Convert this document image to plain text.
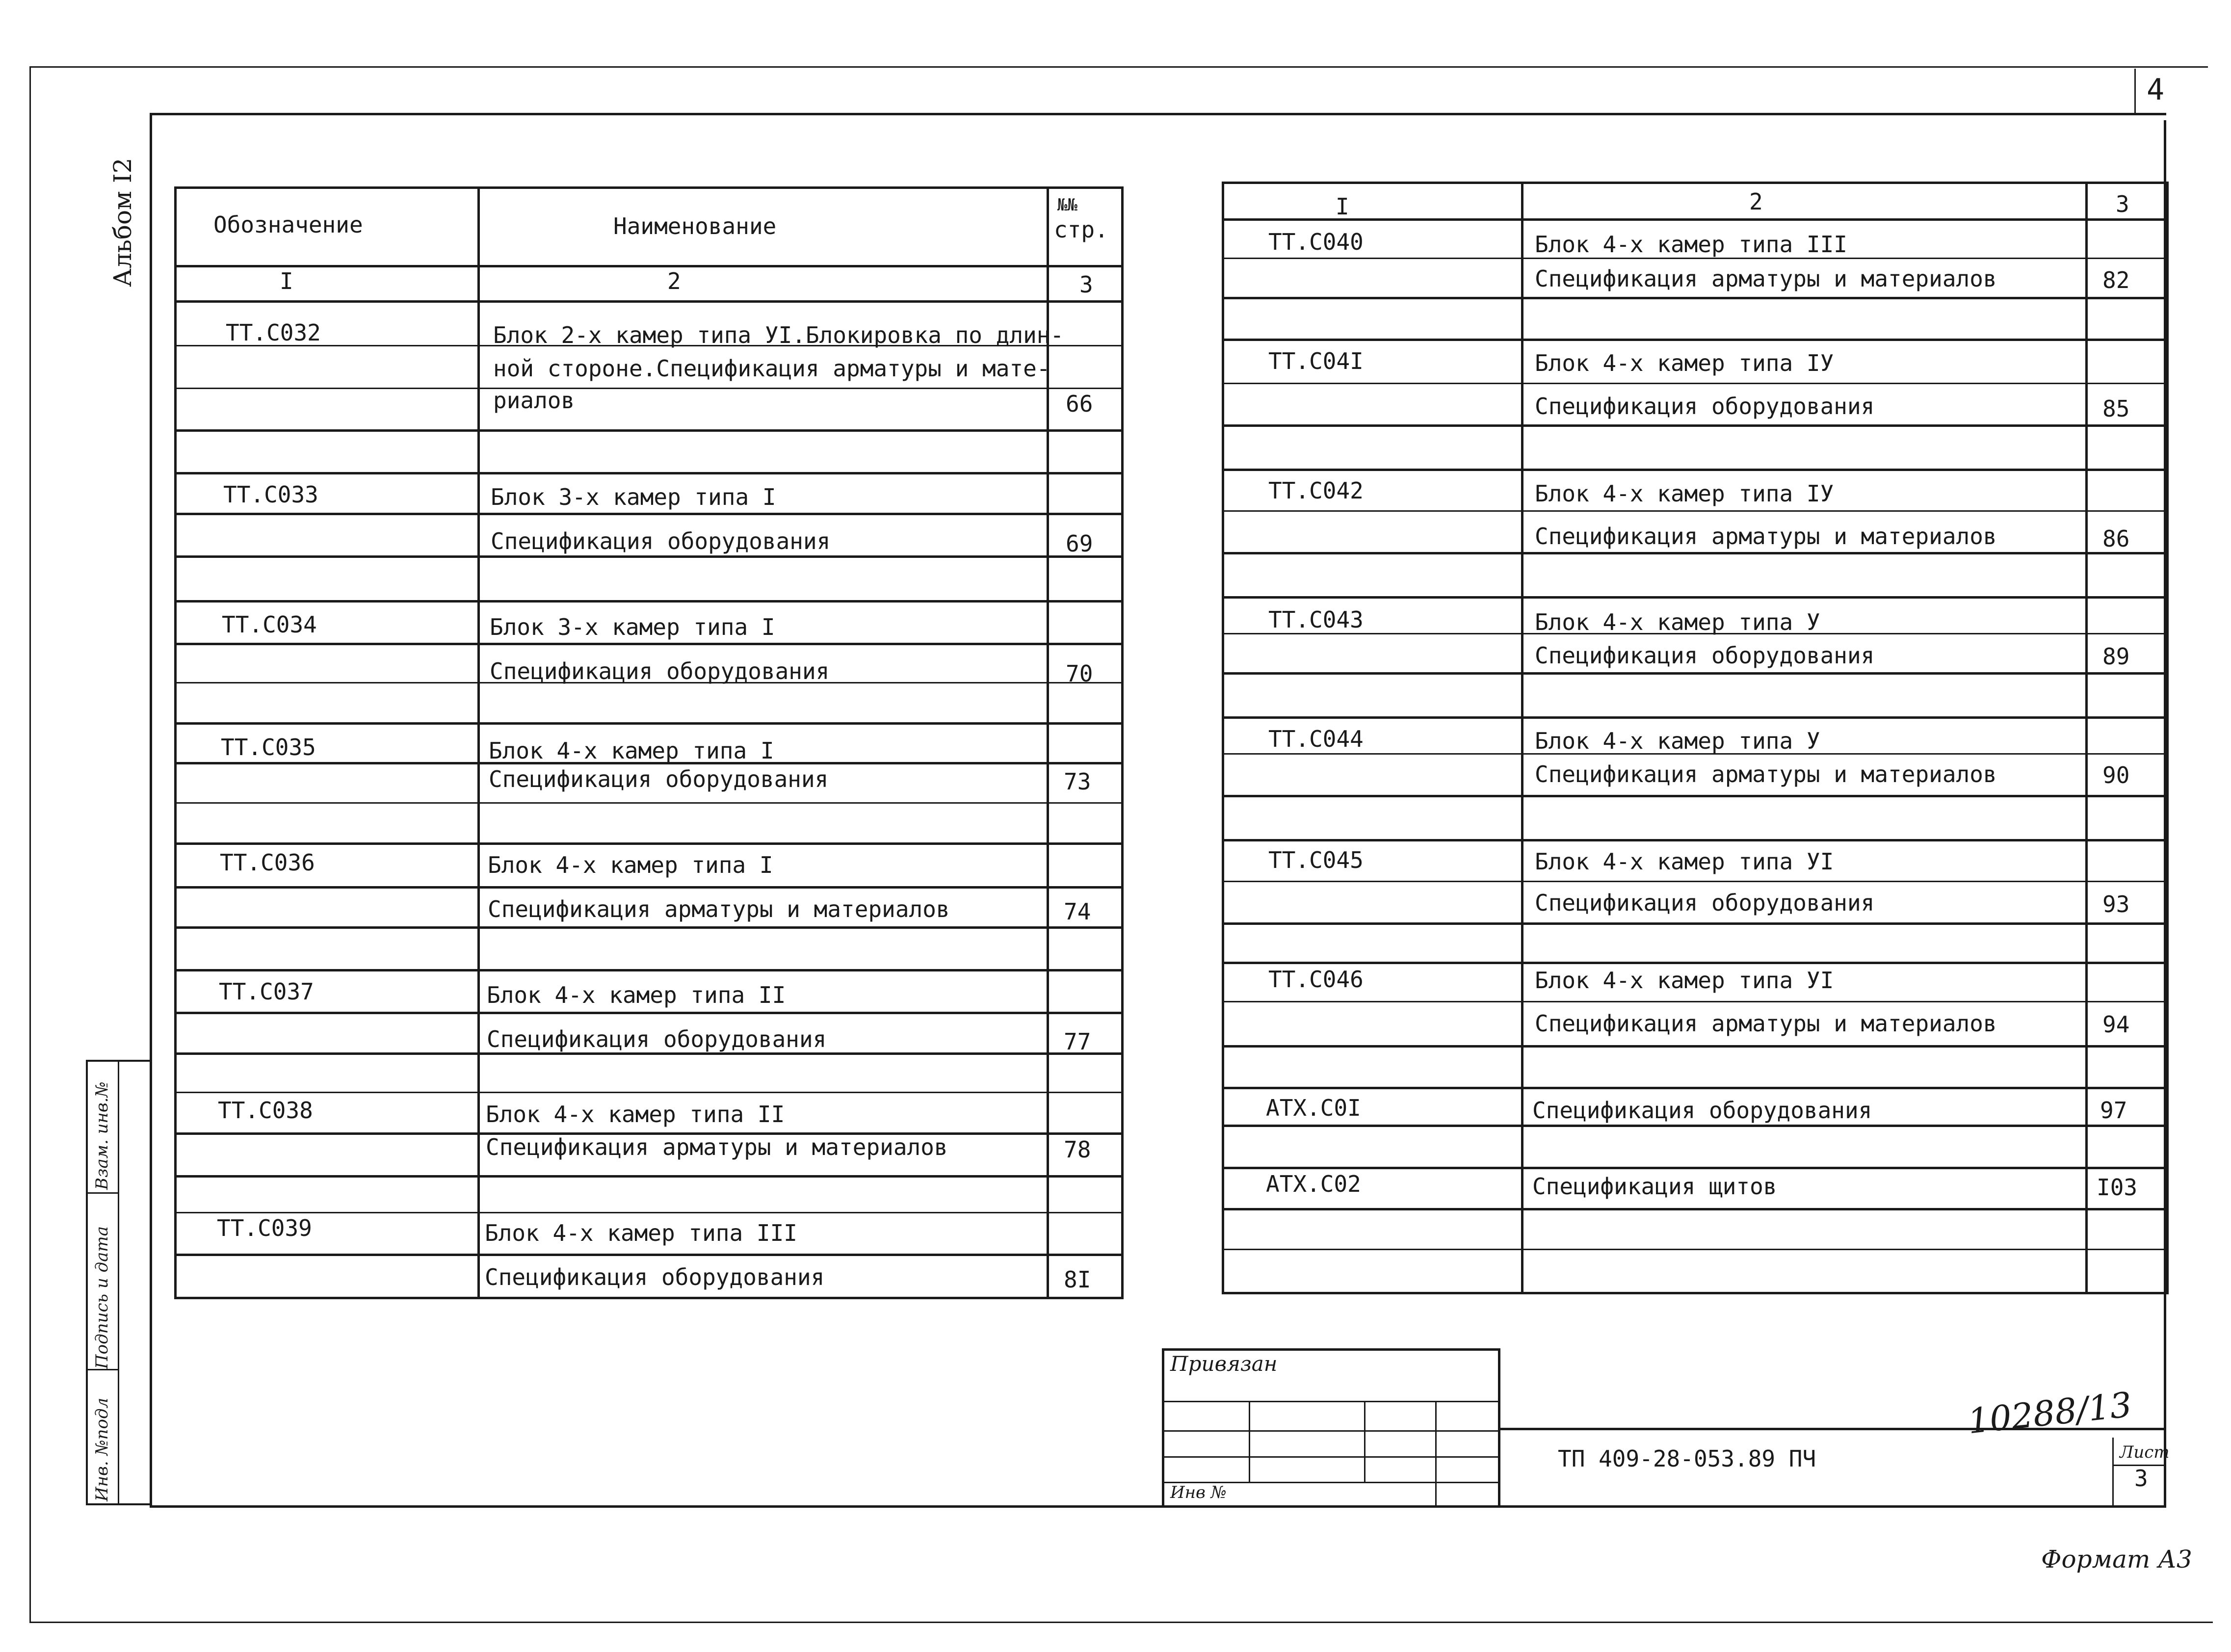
4
Альбом I2
Инв. №подл
Подпись и дата
Взам. инв.№
Обозначение	Наименование
№№
стр.
I	2	3
ТТ.С032	Блок 2-х камер типа УI.Блокировка по длин-
ной стороне.Спецификация арматуры и мате-
риалов	66
ТТ.С033	Блок 3-х камер типа I
Спецификация оборудования	69
ТТ.С034	Блок 3-х камер типа I
Спецификация оборудования	70
ТТ.С035	Блок 4-х камер типа I
Спецификация оборудования	73
ТТ.С036	Блок 4-х камер типа I
Спецификация арматуры и материалов	74
ТТ.С037	Блок 4-х камер типа II
Спецификация оборудования	77
ТТ.С038	Блок 4-х камер типа II
Спецификация арматуры и материалов	78
ТТ.С039	Блок 4-х камер типа III
Спецификация оборудования	8I
I	2	3
ТТ.С040	Блок 4-х камер типа III
Спецификация арматуры и материалов	82
ТТ.С04I	Блок 4-х камер типа IУ
Спецификация оборудования	85
ТТ.С042	Блок 4-х камер типа IУ
Спецификация арматуры и материалов	86
ТТ.С043	Блок 4-х камер типа У
Спецификация оборудования	89
ТТ.С044	Блок 4-х камер типа У
Спецификация арматуры и материалов	90
ТТ.С045	Блок 4-х камер типа УI
Спецификация оборудования	93
ТТ.С046	Блок 4-х камер типа УI
Спецификация арматуры и материалов	94
АТХ.С0I	Спецификация оборудования	97
АТХ.С02	Спецификация щитов	I03
Привязан
Инв №
ТП 409-28-053.89 ПЧ	Лист
3
10288/13
Формат А3
